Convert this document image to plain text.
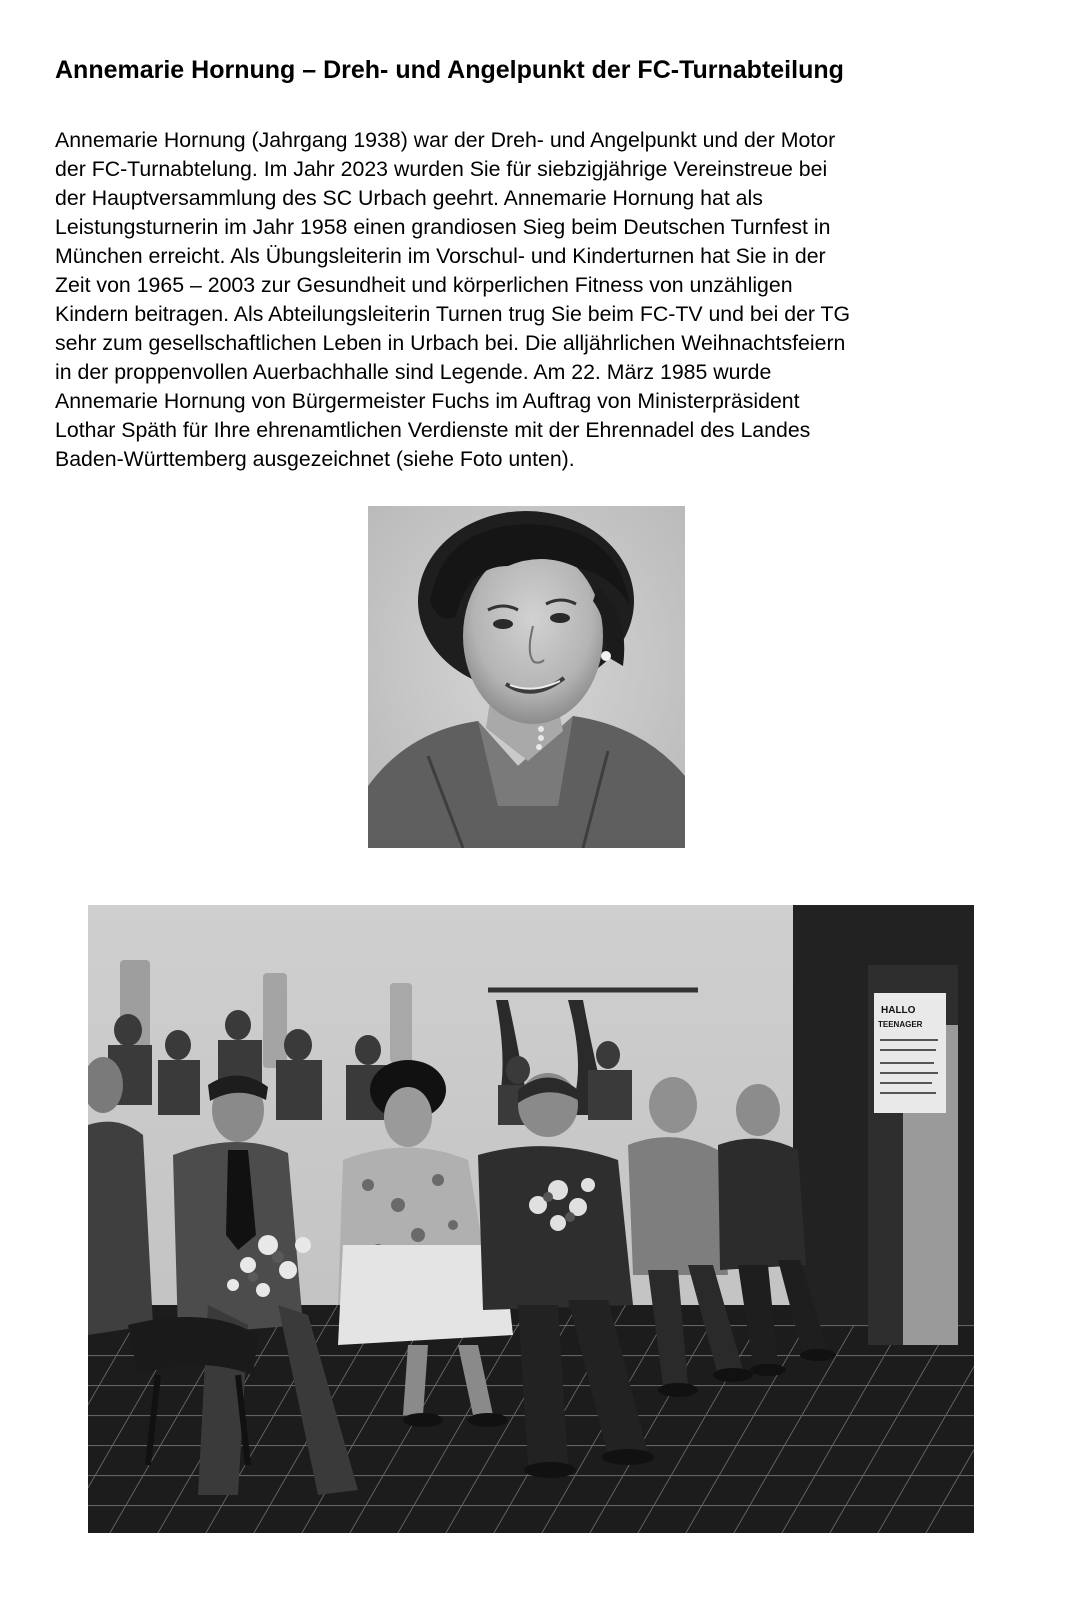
Annemarie Hornung – Dreh- und Angelpunkt der FC-Turnabteilung
Annemarie Hornung (Jahrgang 1938) war der Dreh- und Angelpunkt und der Motor
der FC-Turnabtelung. Im Jahr 2023 wurden Sie für siebzigjährige Vereinstreue bei
der Hauptversammlung des SC Urbach geehrt. Annemarie Hornung hat als
Leistungsturnerin im Jahr 1958 einen grandiosen Sieg beim Deutschen Turnfest in
München erreicht. Als Übungsleiterin im Vorschul- und Kinderturnen hat Sie in der
Zeit von 1965 – 2003 zur Gesundheit und körperlichen Fitness von unzähligen
Kindern beitragen. Als Abteilungsleiterin Turnen trug Sie beim FC-TV und bei der TG
sehr zum gesellschaftlichen Leben in Urbach bei. Die alljährlichen Weihnachtsfeiern
in der proppenvollen Auerbachhalle sind Legende. Am 22. März 1985 wurde
Annemarie Hornung von Bürgermeister Fuchs im Auftrag von Ministerpräsident
Lothar Späth für Ihre ehrenamtlichen Verdienste mit der Ehrennadel des Landes
Baden-Württemberg ausgezeichnet (siehe Foto unten).
HALLO
TEENAGER
